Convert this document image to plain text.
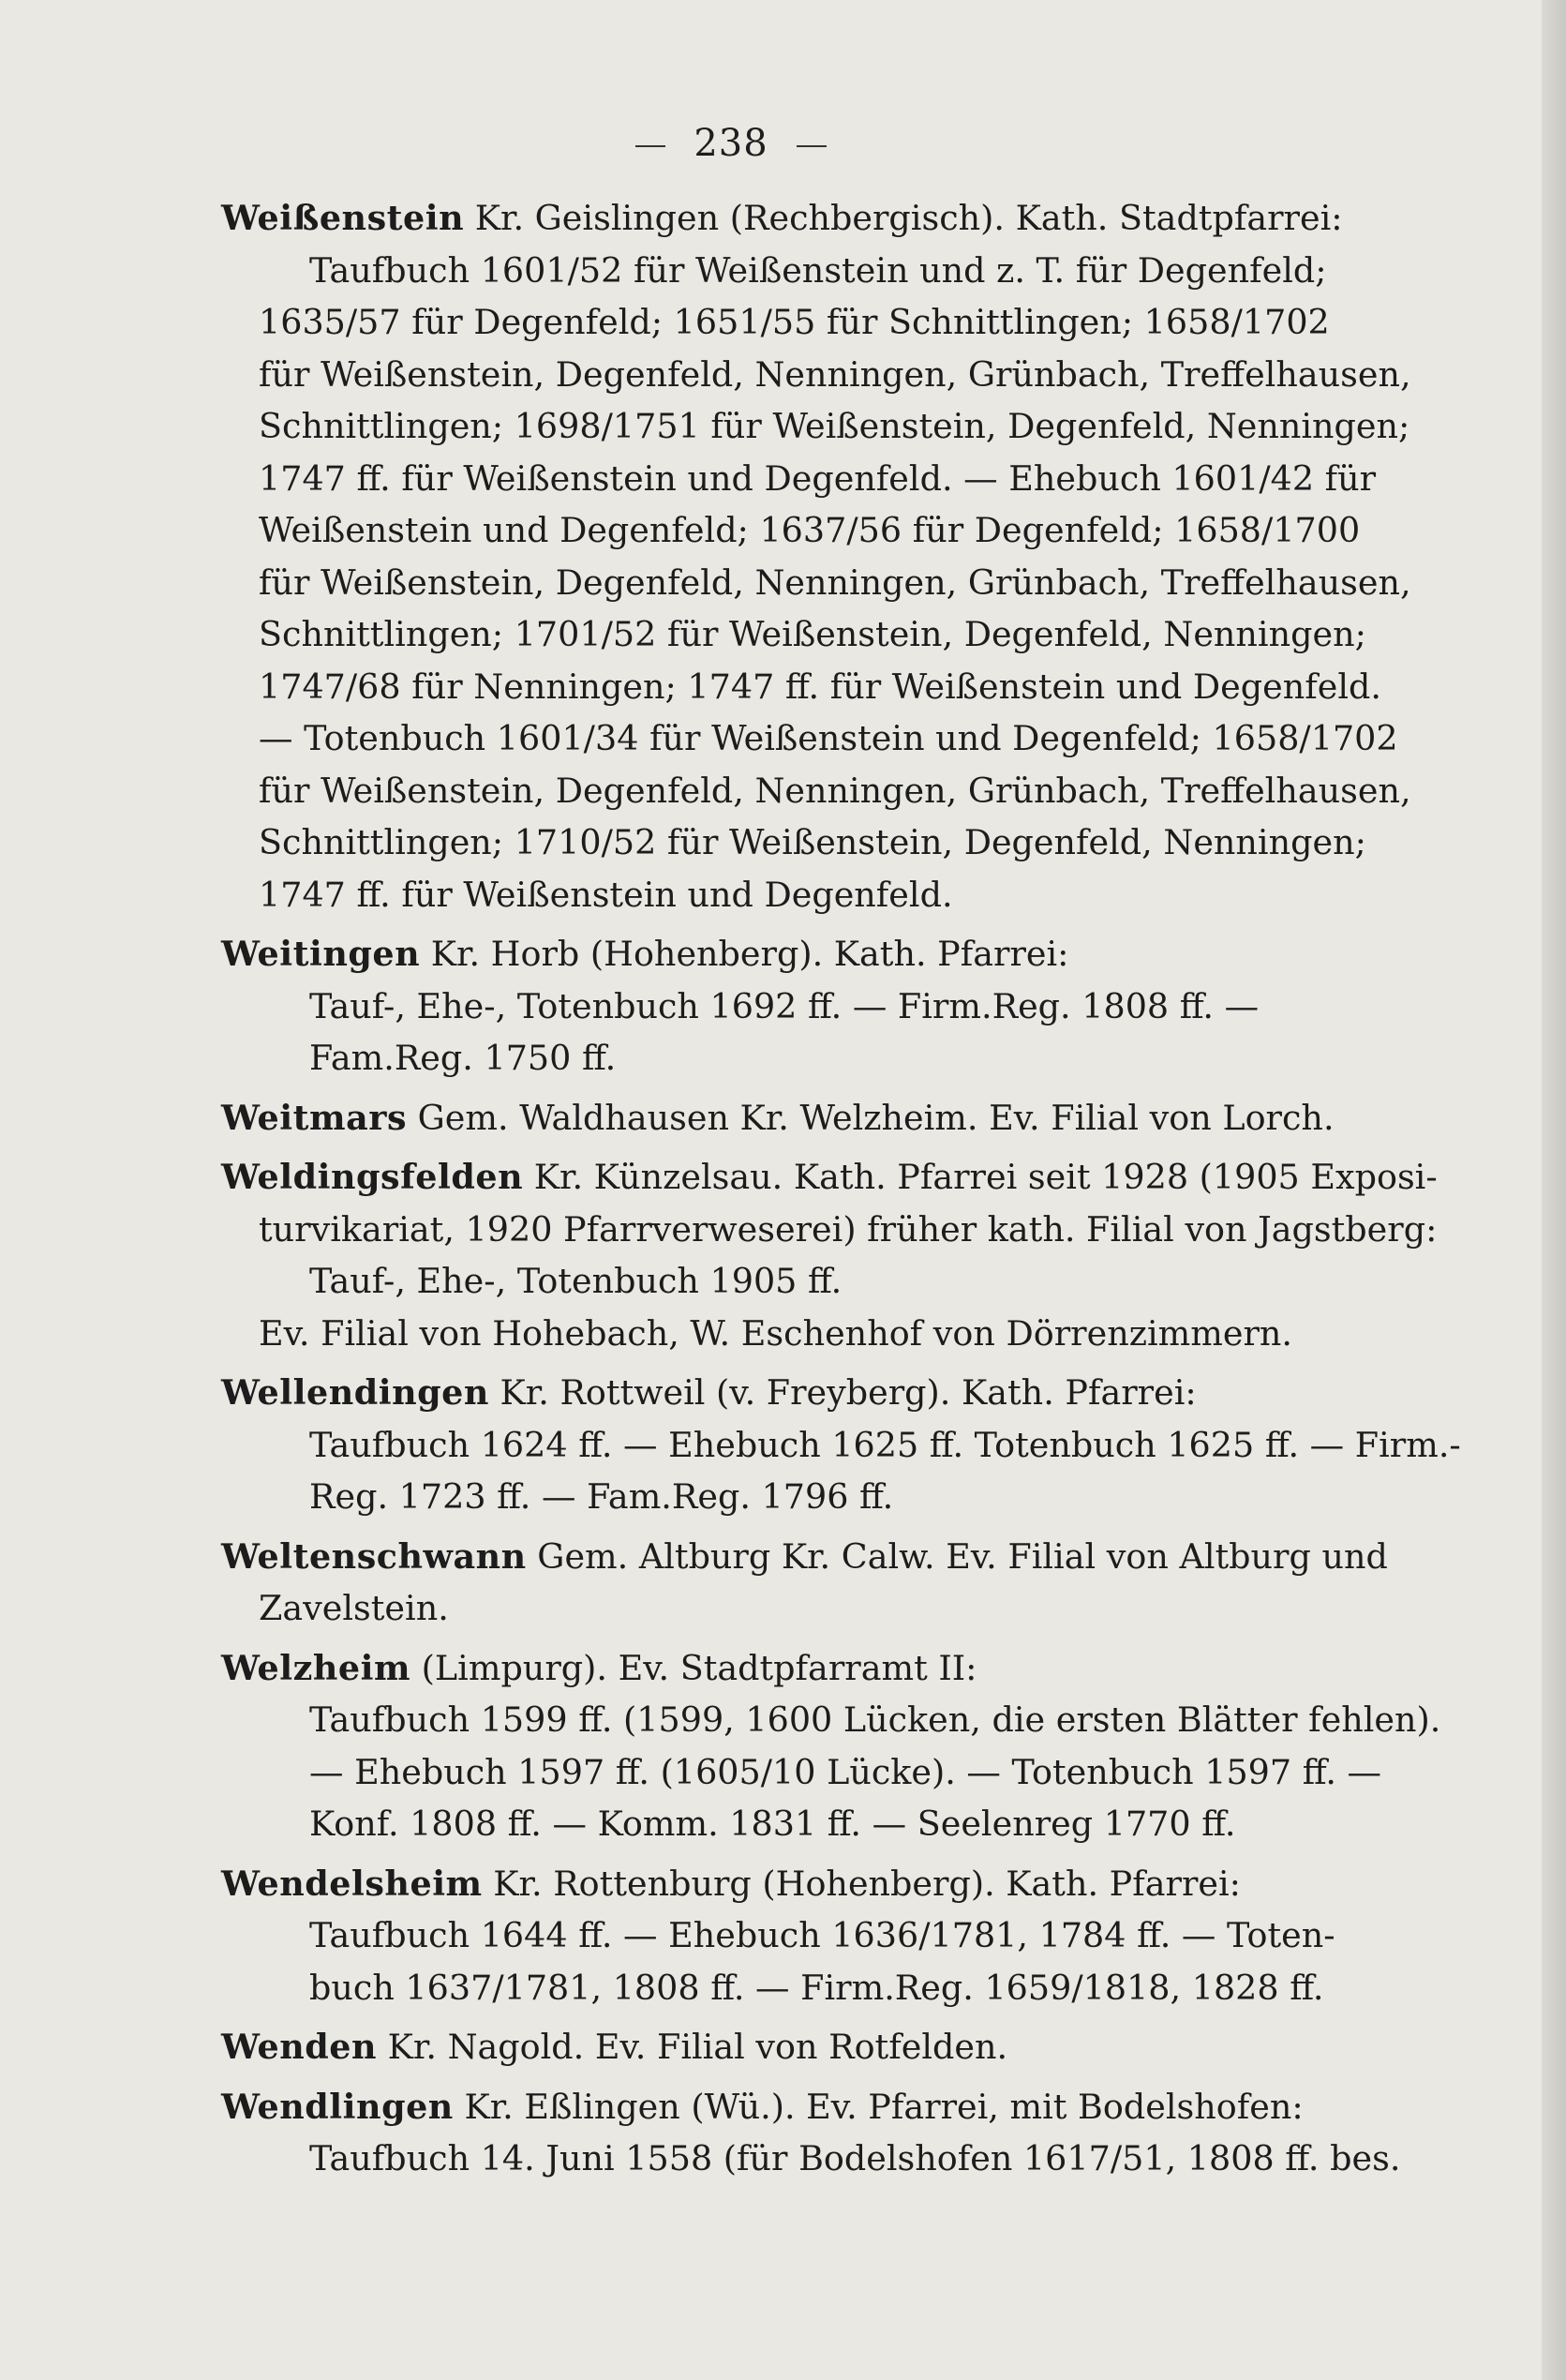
238
Weißenstein Kr. Geislingen (Rechbergisch). Kath. Stadtpfarrei:
Taufbuch 1601/52 für Weißenstein und z. T. für Degenfeld;
1635/57 für Degenfeld; 1651/55 für Schnittlingen; 1658/1702
für Weißenstein, Degenfeld, Nenningen, Grünbach, Treffelhausen,
Schnittlingen; 1698/1751 für Weißenstein, Degenfeld, Nenningen;
1747 ff. für Weißenstein und Degenfeld. — Ehebuch 1601/42 für
Weißenstein und Degenfeld; 1637/56 für Degenfeld; 1658/1700
für Weißenstein, Degenfeld, Nenningen, Grünbach, Treffelhausen,
Schnittlingen; 1701/52 für Weißenstein, Degenfeld, Nenningen;
1747/68 für Nenningen; 1747 ff. für Weißenstein und Degenfeld.
— Totenbuch 1601/34 für Weißenstein und Degenfeld; 1658/1702
für Weißenstein, Degenfeld, Nenningen, Grünbach, Treffelhausen,
Schnittlingen; 1710/52 für Weißenstein, Degenfeld, Nenningen;
1747 ff. für Weißenstein und Degenfeld.
Weitingen Kr. Horb (Hohenberg). Kath. Pfarrei:
Tauf-, Ehe-, Totenbuch 1692 ff. — Firm.Reg. 1808 ff. —
Fam.Reg. 1750 ff.
Weitmars Gem. Waldhausen Kr. Welzheim. Ev. Filial von Lorch.
Weldingsfelden Kr. Künzelsau. Kath. Pfarrei seit 1928 (1905 Exposi-
turvikariat, 1920 Pfarrverweserei) früher kath. Filial von Jagstberg:
Tauf-, Ehe-, Totenbuch 1905 ff.
Ev. Filial von Hohebach, W. Eschenhof von Dörrenzimmern.
Wellendingen Kr. Rottweil (v. Freyberg). Kath. Pfarrei:
Taufbuch 1624 ff. — Ehebuch 1625 ff. Totenbuch 1625 ff. — Firm.-
Reg. 1723 ff. — Fam.Reg. 1796 ff.
Weltenschwann Gem. Altburg Kr. Calw. Ev. Filial von Altburg und
Zavelstein.
Welzheim (Limpurg). Ev. Stadtpfarramt II:
Taufbuch 1599 ff. (1599, 1600 Lücken, die ersten Blätter fehlen).
— Ehebuch 1597 ff. (1605/10 Lücke). — Totenbuch 1597 ff. —
Konf. 1808 ff. — Komm. 1831 ff. — Seelenreg 1770 ff.
Wendelsheim Kr. Rottenburg (Hohenberg). Kath. Pfarrei:
Taufbuch 1644 ff. — Ehebuch 1636/1781, 1784 ff. — Toten-
buch 1637/1781, 1808 ff. — Firm.Reg. 1659/1818, 1828 ff.
Wenden Kr. Nagold. Ev. Filial von Rotfelden.
Wendlingen Kr. Eßlingen (Wü.). Ev. Pfarrei, mit Bodelshofen:
Taufbuch 14. Juni 1558 (für Bodelshofen 1617/51, 1808 ff. bes.
